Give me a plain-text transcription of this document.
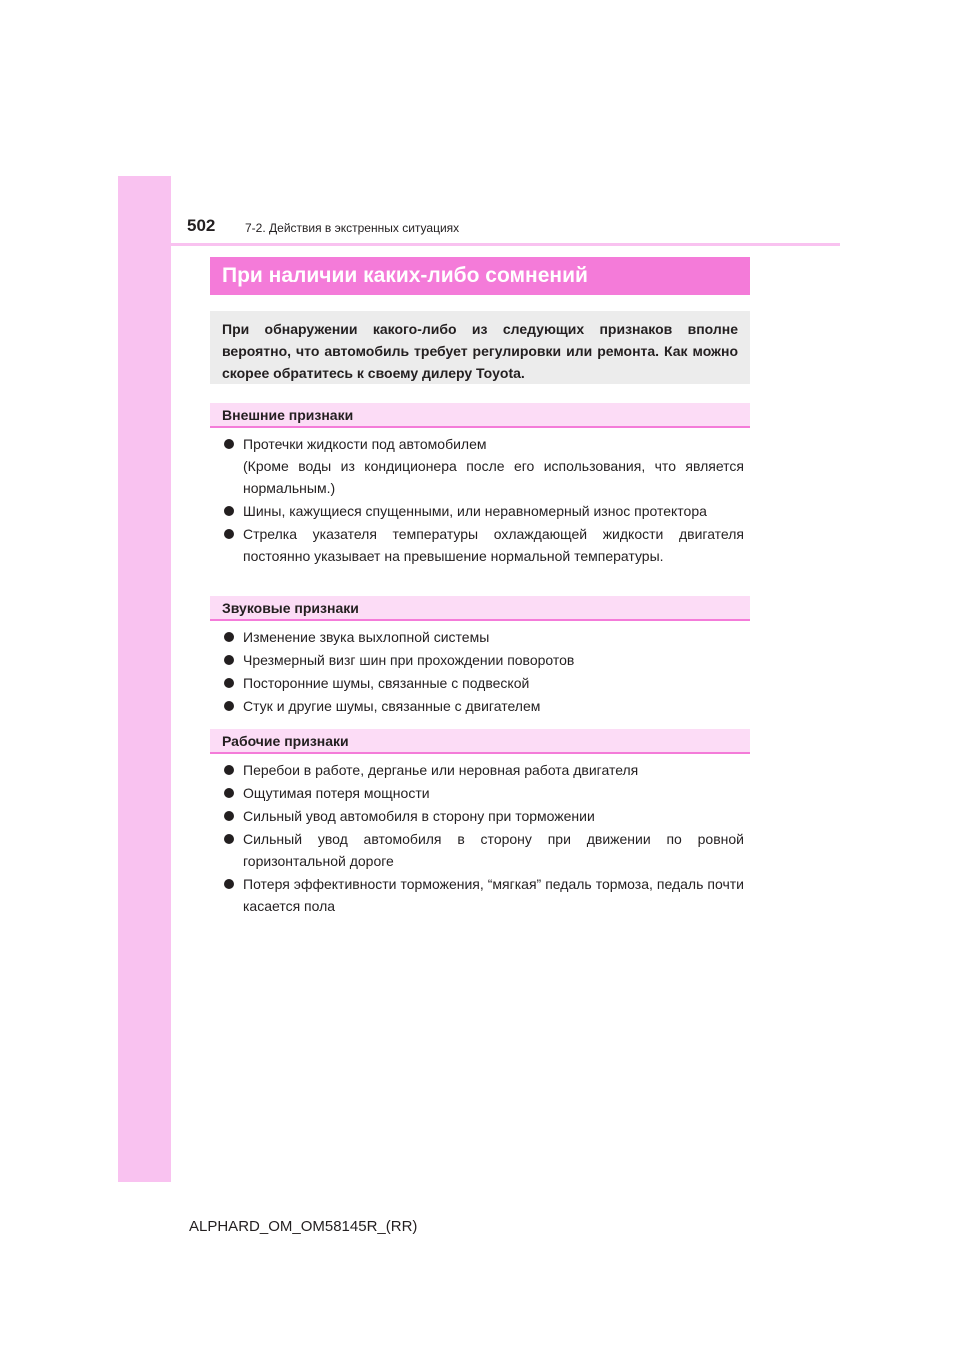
502 7-2. Действия в экстренных ситуациях
При наличии каких-либо сомнений
При обнаружении какого-либо из следующих признаков вполне вероятно, что автомобиль требует регулировки или ремонта. Как можно скорее обратитесь к своему дилеру Toyota.
Внешние признаки
Протечки жидкости под автомобилем
(Кроме воды из кондиционера после его использования, что является нормальным.)
Шины, кажущиеся спущенными, или неравномерный износ протектора
Стрелка указателя температуры охлаждающей жидкости двигателя постоянно указывает на превышение нормальной температуры.
Звуковые признаки
Изменение звука выхлопной системы
Чрезмерный визг шин при прохождении поворотов
Посторонние шумы, связанные с подвеской
Стук и другие шумы, связанные с двигателем
Рабочие признаки
Перебои в работе, дерганье или неровная работа двигателя
Ощутимая потеря мощности
Сильный увод автомобиля в сторону при торможении
Сильный увод автомобиля в сторону при движении по ровной горизонтальной дороге
Потеря эффективности торможения, “мягкая” педаль тормоза, педаль почти касается пола
ALPHARD_OM_OM58145R_(RR)
